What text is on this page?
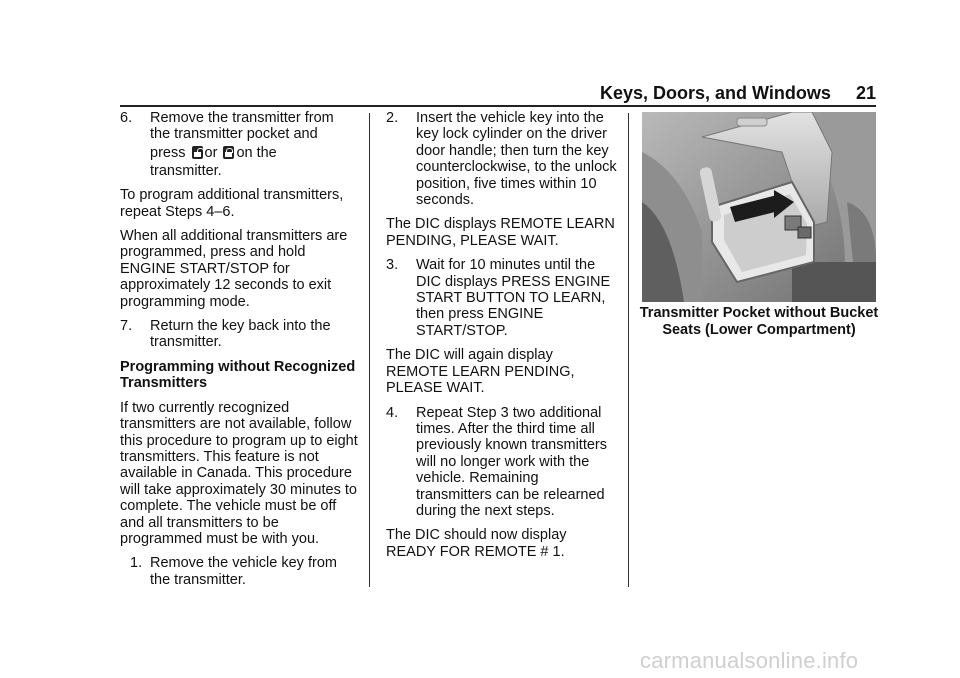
Keys, Doors, and Windows 21
6. Remove the transmitter from
the transmitter pocket and
press or on the
transmitter.

To program additional transmitters, repeat Steps 4–6.

When all additional transmitters are programmed, press and hold ENGINE START/STOP for approximately 12 seconds to exit programming mode.

7. Return the key back into the transmitter.

Programming without Recognized Transmitters

If two currently recognized transmitters are not available, follow this procedure to program up to eight transmitters. This feature is not available in Canada. This procedure will take approximately 30 minutes to complete. The vehicle must be off and all transmitters to be programmed must be with you.

1. Remove the vehicle key from the transmitter.
2. Insert the vehicle key into the key lock cylinder on the driver door handle; then turn the key counterclockwise, to the unlock position, five times within 10 seconds.

The DIC displays REMOTE LEARN PENDING, PLEASE WAIT.

3. Wait for 10 minutes until the DIC displays PRESS ENGINE START BUTTON TO LEARN, then press ENGINE START/STOP.

The DIC will again display REMOTE LEARN PENDING, PLEASE WAIT.

4. Repeat Step 3 two additional times. After the third time all previously known transmitters will no longer work with the vehicle. Remaining transmitters can be relearned during the next steps.

The DIC should now display READY FOR REMOTE # 1.

Transmitter Pocket without Bucket
Seats (Lower Compartment)
carmanualsonline.info
